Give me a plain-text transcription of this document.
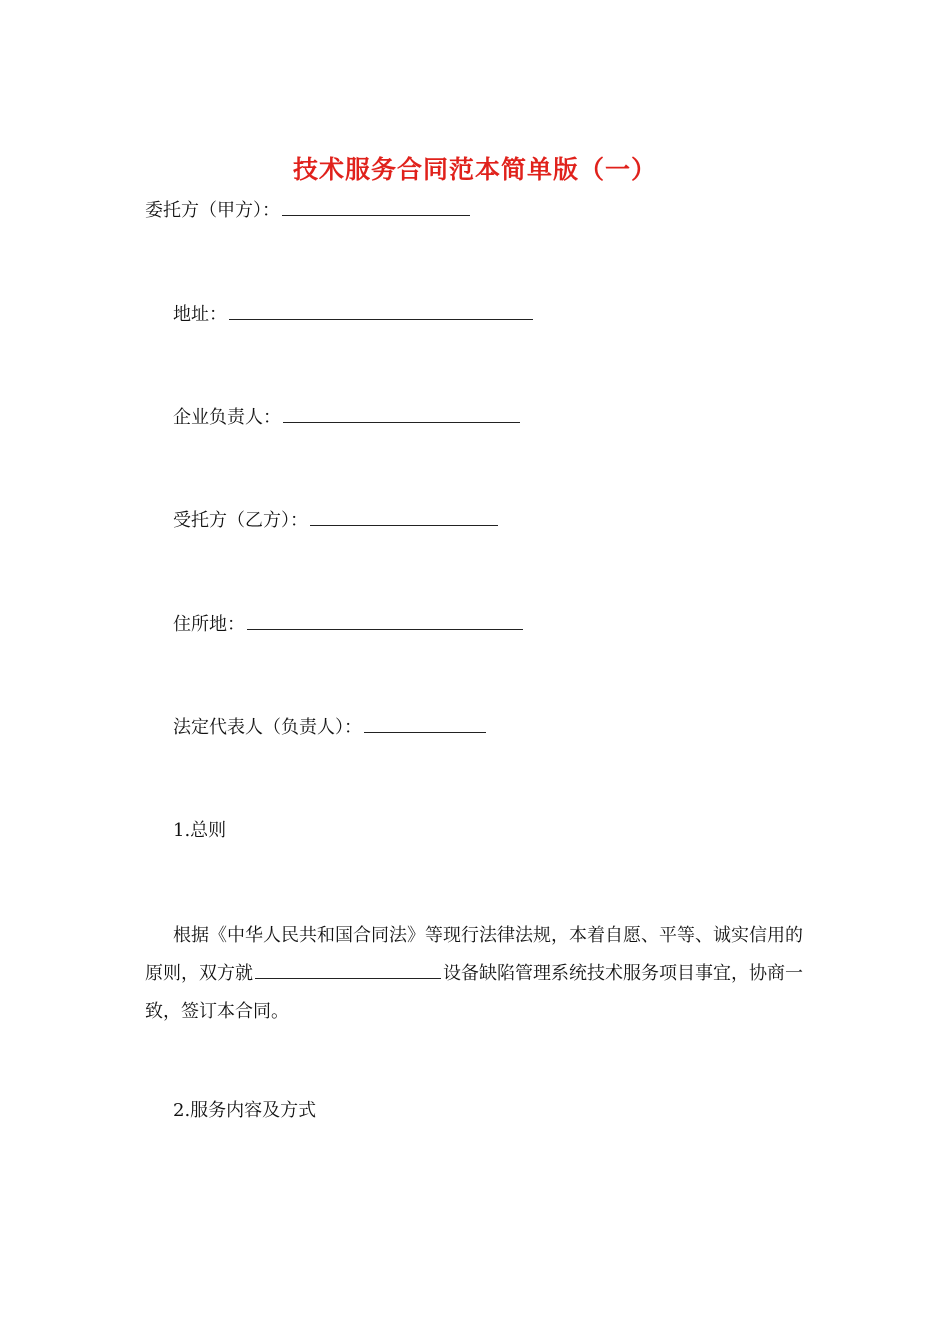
技术服务合同范本简单版（一）
委托方（甲方）：
地址：
企业负责人：
受托方（乙方）：
住所地：
法定代表人（负责人）：
1.总则
根据《中华人民共和国合同法》等现行法律法规，本着自愿、平等、诚实信用的原则，双方就	设备缺陷管理系统技术服务项目事宜，协商一致，签订本合同。
2.服务内容及方式
